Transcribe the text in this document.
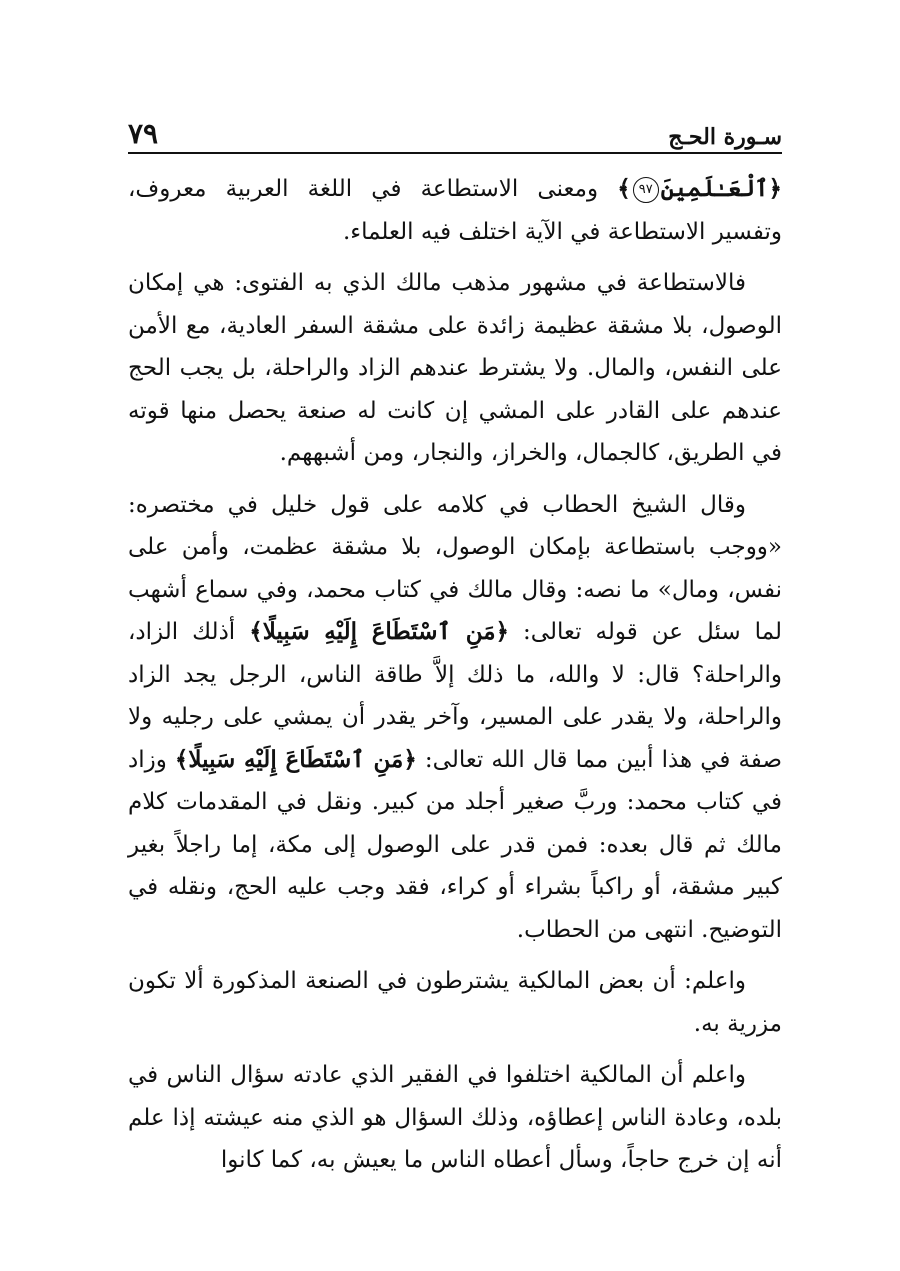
سـورة الحـج
٧٩

﴿ٱلْعَـٰلَمِينَ٩٧﴾ ومعنى الاستطاعة في اللغة العربية معروف، وتفسير الاستطاعة في الآية اختلف فيه العلماء.

فالاستطاعة في مشهور مذهب مالك الذي به الفتوى: هي إمكان الوصول، بلا مشقة عظيمة زائدة على مشقة السفر العادية، مع الأمن على النفس، والمال. ولا يشترط عندهم الزاد والراحلة، بل يجب الحج عندهم على القادر على المشي إن كانت له صنعة يحصل منها قوته في الطريق، كالجمال، والخراز، والنجار، ومن أشبههم.

وقال الشيخ الحطاب في كلامه على قول خليل في مختصره: «ووجب باستطاعة بإمكان الوصول، بلا مشقة عظمت، وأمن على نفس، ومال» ما نصه: وقال مالك في كتاب محمد، وفي سماع أشهب لما سئل عن قوله تعالى: ﴿مَنِ ٱسْتَطَاعَ إِلَيْهِ سَبِيلًا﴾ أذلك الزاد، والراحلة؟ قال: لا والله، ما ذلك إلاَّ طاقة الناس، الرجل يجد الزاد والراحلة، ولا يقدر على المسير، وآخر يقدر أن يمشي على رجليه ولا صفة في هذا أبين مما قال الله تعالى: ﴿مَنِ ٱسْتَطَاعَ إِلَيْهِ سَبِيلًا﴾ وزاد في كتاب محمد: وربَّ صغير أجلد من كبير. ونقل في المقدمات كلام مالك ثم قال بعده: فمن قدر على الوصول إلى مكة، إما راجلاً بغير كبير مشقة، أو راكباً بشراء أو كراء، فقد وجب عليه الحج، ونقله في التوضيح. انتهى من الحطاب.

واعلم: أن بعض المالكية يشترطون في الصنعة المذكورة ألا تكون مزرية به.

واعلم أن المالكية اختلفوا في الفقير الذي عادته سؤال الناس في بلده، وعادة الناس إعطاؤه، وذلك السؤال هو الذي منه عيشته إذا علم أنه إن خرج حاجاً، وسأل أعطاه الناس ما يعيش به، كما كانوا
